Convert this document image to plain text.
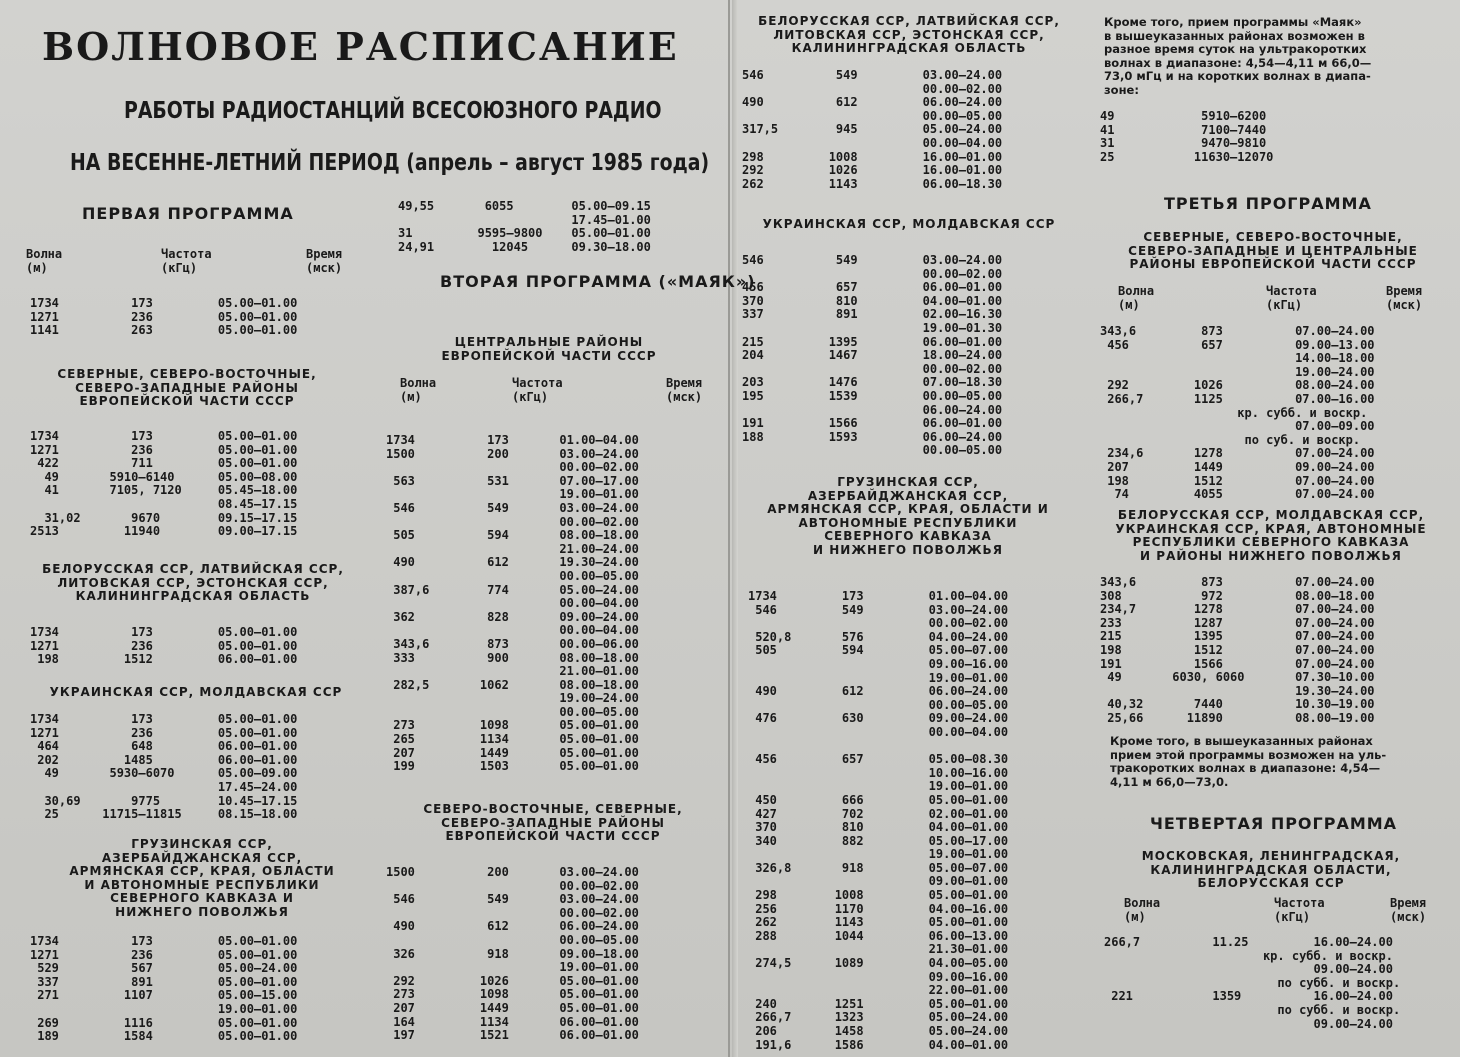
ВОЛНОВОЕ РАСПИСАНИЕ

РАБОТЫ РАДИОСТАНЦИЙ ВСЕСОЮЗНОГО РАДИО

НА ВЕСЕННЕ-ЛЕТНИЙ ПЕРИОД (апрель – август 1985 года)

ПЕРВАЯ ПРОГРАММА

Волна
(м)
Частота
(кГц)
Время
(мск)

1734          173         05.00—01.00
1271          236         05.00—01.00
1141          263         05.00—01.00
СЕВЕРНЫЕ, СЕВЕРО-ВОСТОЧНЫЕ,
СЕВЕРО-ЗАПАДНЫЕ РАЙОНЫ
ЕВРОПЕЙСКОЙ ЧАСТИ СССР
1734          173         05.00—01.00
1271          236         05.00—01.00
422          711         05.00—01.00
49       5910—6140      05.00—08.00
41       7105, 7120     05.45—18.00
08.45—17.15
31,02       9670        09.15—17.15
2513         11940        09.00—17.15
БЕЛОРУССКАЯ ССР, ЛАТВИЙСКАЯ ССР,
ЛИТОВСКАЯ ССР, ЭСТОНСКАЯ ССР,
КАЛИНИНГРАДСКАЯ ОБЛАСТЬ
1734          173         05.00—01.00
1271          236         05.00—01.00
198         1512         06.00—01.00
УКРАИНСКАЯ ССР, МОЛДАВСКАЯ ССР
1734          173         05.00—01.00
1271          236         05.00—01.00
464          648         06.00—01.00
202         1485         06.00—01.00
49       5930—6070      05.00—09.00
17.45—24.00
30,69       9775        10.45—17.15
25      11715—11815     08.15—18.00
ГРУЗИНСКАЯ ССР,
АЗЕРБАЙДЖАНСКАЯ ССР,
АРМЯНСКАЯ ССР, КРАЯ, ОБЛАСТИ
И АВТОНОМНЫЕ РЕСПУБЛИКИ
СЕВЕРНОГО КАВКАЗА И
НИЖНЕГО ПОВОЛЖЬЯ
1734          173         05.00—01.00
1271          236         05.00—01.00
529          567         05.00—24.00
337          891         05.00—01.00
271         1107         05.00—15.00
19.00—01.00
269         1116         05.00—01.00
189         1584         05.00—01.00
49,55       6055        05.00—09.15
17.45—01.00
31         9595—9800    05.00—01.00
24,91        12045      09.30—18.00
ВТОРАЯ ПРОГРАММА («МАЯК»)
ЦЕНТРАЛЬНЫЕ РАЙОНЫ
ЕВРОПЕЙСКОЙ ЧАСТИ СССР

Волна
(м)
Частота
(кГц)
Время
(мск)

1734          173       01.00—04.00
1500          200       03.00—24.00
00.00—02.00
563          531       07.00—17.00
19.00—01.00
546          549       03.00—24.00
00.00—02.00
505          594       08.00—18.00
21.00—24.00
490          612       19.30—24.00
00.00—05.00
387,6        774       05.00—24.00
00.00—04.00
362          828       09.00—24.00
00.00—04.00
343,6        873       00.00—06.00
333          900       08.00—18.00
21.00—01.00
282,5       1062       08.00—18.00
19.00—24.00
00.00—05.00
273         1098       05.00—01.00
265         1134       05.00—01.00
207         1449       05.00—01.00
199         1503       05.00—01.00
СЕВЕРО-ВОСТОЧНЫЕ, СЕВЕРНЫЕ,
СЕВЕРО-ЗАПАДНЫЕ РАЙОНЫ
ЕВРОПЕЙСКОЙ ЧАСТИ СССР
1500          200       03.00—24.00
00.00—02.00
546          549       03.00—24.00
00.00—02.00
490          612       06.00—24.00
00.00—05.00
326          918       09.00—18.00
19.00—01.00
292         1026       05.00—01.00
273         1098       05.00—01.00
207         1449       05.00—01.00
164         1134       06.00—01.00
197         1521       06.00—01.00
БЕЛОРУССКАЯ ССР, ЛАТВИЙСКАЯ ССР,
ЛИТОВСКАЯ ССР, ЭСТОНСКАЯ ССР,
КАЛИНИНГРАДСКАЯ ОБЛАСТЬ
546          549         03.00—24.00
00.00—02.00
490          612         06.00—24.00
00.00—05.00
317,5        945         05.00—24.00
00.00—04.00
298         1008         16.00—01.00
292         1026         16.00—01.00
262         1143         06.00—18.30
УКРАИНСКАЯ ССР, МОЛДАВСКАЯ ССР
546          549         03.00—24.00
00.00—02.00
456          657         06.00—01.00
370          810         04.00—01.00
337          891         02.00—16.30
19.00—01.30
215         1395         06.00—01.00
204         1467         18.00—24.00
00.00—02.00
203         1476         07.00—18.30
195         1539         00.00—05.00
06.00—24.00
191         1566         06.00—01.00
188         1593         06.00—24.00
00.00—05.00
ГРУЗИНСКАЯ ССР,
АЗЕРБАЙДЖАНСКАЯ ССР,
АРМЯНСКАЯ ССР, КРАЯ, ОБЛАСТИ И
АВТОНОМНЫЕ РЕСПУБЛИКИ
СЕВЕРНОГО КАВКАЗА
И НИЖНЕГО ПОВОЛЖЬЯ
1734         173         01.00—04.00
546         549         03.00—24.00
00.00—02.00
520,8       576         04.00—24.00
505         594         05.00—07.00
09.00—16.00
19.00—01.00
490         612         06.00—24.00
00.00—05.00
476         630         09.00—24.00
00.00—04.00

456         657         05.00—08.30
10.00—16.00
19.00—01.00
450         666         05.00—01.00
427         702         02.00—01.00
370         810         04.00—01.00
340         882         05.00—17.00
19.00—01.00
326,8       918         05.00—07.00
09.00—01.00
298        1008         05.00—01.00
256        1170         04.00—16.00
262        1143         05.00—01.00
288        1044         06.00—13.00
21.30—01.00
274,5      1089         04.00—05.00
09.00—16.00
22.00—01.00
240        1251         05.00—01.00
266,7      1323         05.00—24.00
206        1458         05.00—24.00
191,6      1586         04.00—01.00
Кроме того, прием программы «Маяк»
в вышеуказанных районах возможен в
разное время суток на ультракоротких
волнах в диапазоне: 4,54—4,11 м 66,0—
73,0 мГц и на коротких волнах в диапа-
зоне:
49            5910—6200
41            7100—7440
31            9470—9810
25           11630—12070

ТРЕТЬЯ ПРОГРАММА

СЕВЕРНЫЕ, СЕВЕРО-ВОСТОЧНЫЕ,
СЕВЕРО-ЗАПАДНЫЕ И ЦЕНТРАЛЬНЫЕ
РАЙОНЫ ЕВРОПЕЙСКОЙ ЧАСТИ СССР

Волна
(м)
Частота
(кГц)
Время
(мск)

343,6         873          07.00—24.00
456          657          09.00—13.00
14.00—18.00
19.00—24.00
292         1026          08.00—24.00
266,7       1125          07.00—16.00
кр. субб. и воскр.
07.00—09.00
по суб. и воскр.
234,6       1278          07.00—24.00
207         1449          09.00—24.00
198         1512          07.00—24.00
74         4055          07.00—24.00
БЕЛОРУССКАЯ ССР, МОЛДАВСКАЯ ССР,
УКРАИНСКАЯ ССР, КРАЯ, АВТОНОМНЫЕ
РЕСПУБЛИКИ СЕВЕРНОГО КАВКАЗА
И РАЙОНЫ НИЖНЕГО ПОВОЛЖЬЯ
343,6         873          07.00—24.00
308           972          08.00—18.00
234,7        1278          07.00—24.00
233          1287          07.00—24.00
215          1395          07.00—24.00
198          1512          07.00—24.00
191          1566          07.00—24.00
49       6030, 6060       07.30—10.00
19.30—24.00
40,32       7440          10.30—19.00
25,66      11890          08.00—19.00
Кроме того, в вышеуказанных районах
прием этой программы возможен на уль-
тракоротких волнах в диапазоне: 4,54—
4,11 м 66,0—73,0.

ЧЕТВЕРТАЯ ПРОГРАММА

МОСКОВСКАЯ, ЛЕНИНГРАДСКАЯ,
КАЛИНИНГРАДСКАЯ ОБЛАСТИ,
БЕЛОРУССКАЯ ССР

Волна
(м)
Частота
(кГц)
Время
(мск)

266,7          11.25         16.00—24.00
кр. субб. и воскр.
09.00—24.00
по субб. и воскр.
221           1359          16.00—24.00
по субб. и воскр.
09.00—24.00
